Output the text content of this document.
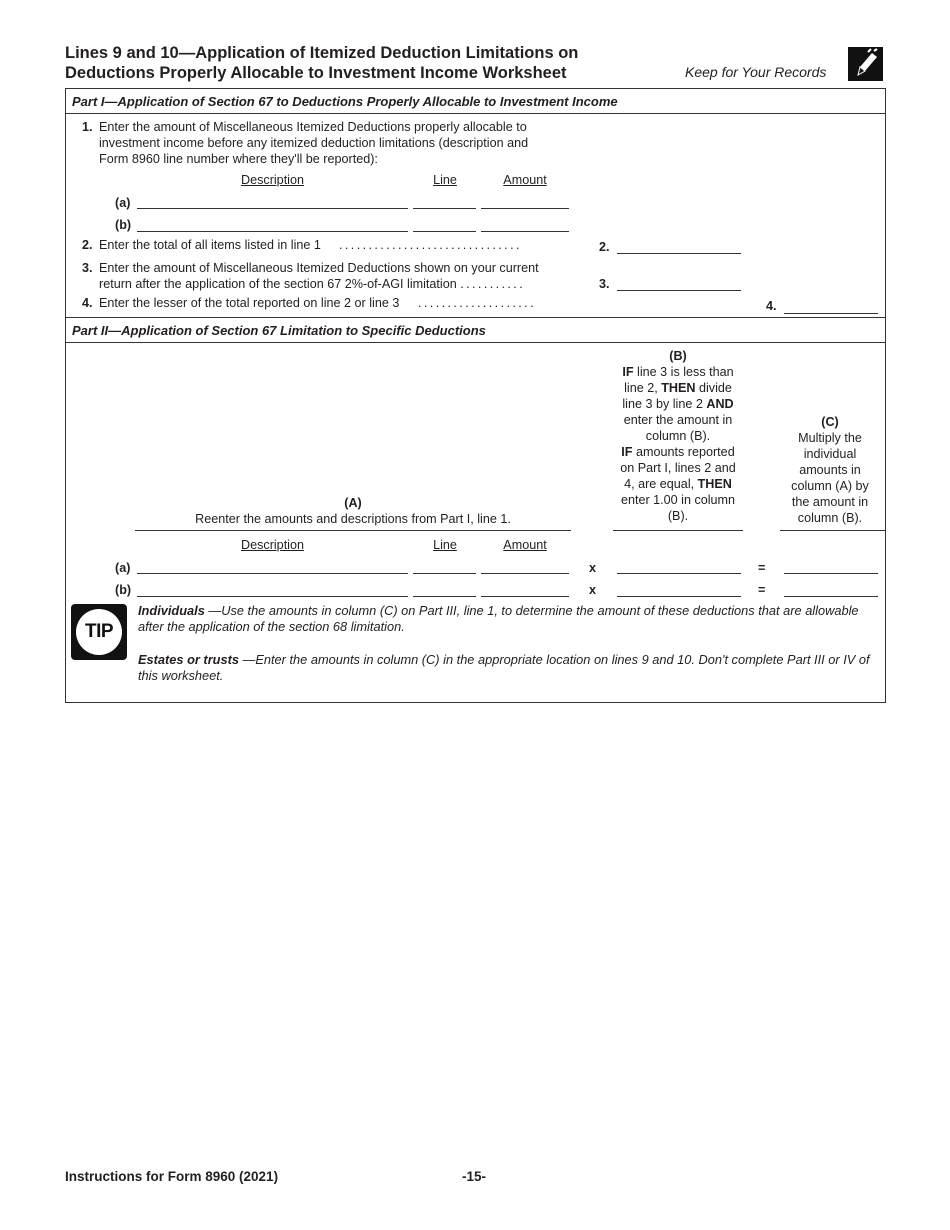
Lines 9 and 10—Application of Itemized Deduction Limitations on
Deductions Properly Allocable to Investment Income Worksheet	Keep for Your Records
Part I—Application of Section 67 to Deductions Properly Allocable to Investment Income
1. Enter the amount of Miscellaneous Itemized Deductions properly allocable to
investment income before any itemized deduction limitations (description and
Form 8960 line number where they'll be reported):
Description	Line	Amount
(a)
(b)
2. Enter the total of all items listed in line 1 ...............................	2.
3. Enter the amount of Miscellaneous Itemized Deductions shown on your current
return after the application of the section 67 2%-of-AGI limitation ...........	3.
4. Enter the lesser of the total reported on line 2 or line 3 ....................	4.
Part II—Application of Section 67 Limitation to Specific Deductions
(A)
Reenter the amounts and descriptions from Part I, line 1.
(B)
IF line 3 is less than
line 2, THEN divide
line 3 by line 2 AND
enter the amount in
column (B).
IF amounts reported
on Part I, lines 2 and
4, are equal, THEN
enter 1.00 in column
(B).
(C)
Multiply the
individual
amounts in
column (A) by
the amount in
column (B).
Description	Line	Amount
(a)	x	=
(b)	x	=
TIP
Individuals —Use the amounts in column (C) on Part III, line 1, to determine the amount of these deductions that are allowable after the application of the section 68 limitation.
Estates or trusts —Enter the amounts in column (C) in the appropriate location on lines 9 and 10. Don't complete Part III or IV of this worksheet.
Instructions for Form 8960 (2021)	-15-
